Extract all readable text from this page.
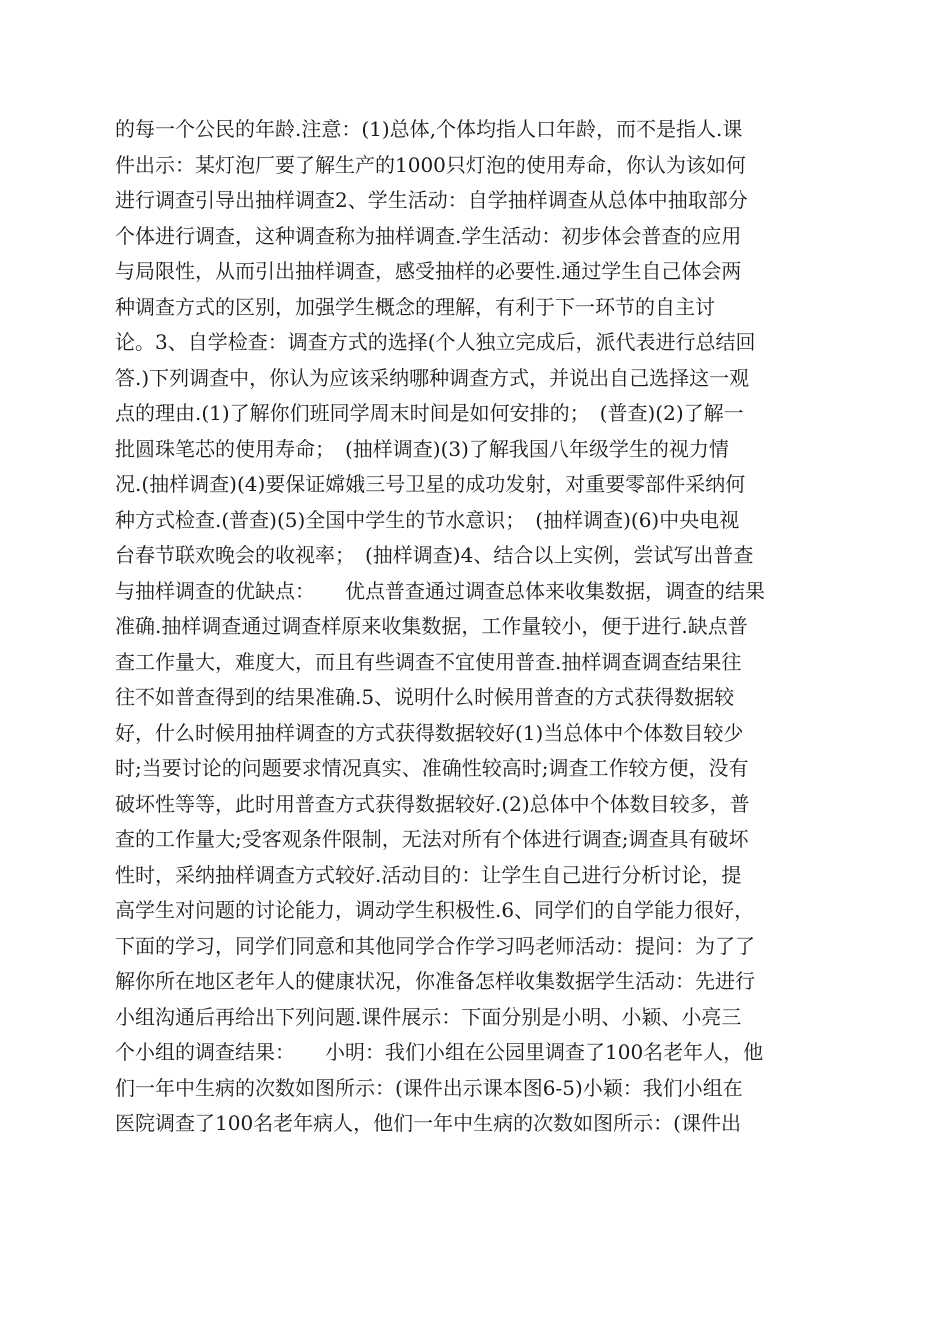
的每一个公民的年龄.注意：(1)总体,个体均指人口年龄，而不是指人.课
件出示：某灯泡厂要了解生产的1000只灯泡的使用寿命，你认为该如何
进行调查引导出抽样调查2、学生活动：自学抽样调查从总体中抽取部分
个体进行调查，这种调查称为抽样调查.学生活动：初步体会普查的应用
与局限性，从而引出抽样调查，感受抽样的必要性.通过学生自己体会两
种调查方式的区别，加强学生概念的理解，有利于下一环节的自主讨
论。3、自学检查：调查方式的选择(个人独立完成后，派代表进行总结回
答.)下列调查中，你认为应该采纳哪种调查方式，并说出自己选择这一观
点的理由.(1)了解你们班同学周末时间是如何安排的；　(普查)(2)了解一
批圆珠笔芯的使用寿命；　(抽样调查)(3)了解我国八年级学生的视力情
况.(抽样调查)(4)要保证嫦娥三号卫星的成功发射，对重要零部件采纳何
种方式检查.(普查)(5)全国中学生的节水意识；　(抽样调查)(6)中央电视
台春节联欢晚会的收视率；　(抽样调查)4、结合以上实例，尝试写出普查
与抽样调查的优缺点：　　优点普查通过调查总体来收集数据，调查的结果
准确.抽样调查通过调查样原来收集数据，工作量较小，便于进行.缺点普
查工作量大，难度大，而且有些调查不宜使用普查.抽样调查调查结果往
往不如普查得到的结果准确.5、说明什么时候用普查的方式获得数据较
好，什么时候用抽样调查的方式获得数据较好(1)当总体中个体数目较少
时;当要讨论的问题要求情况真实、准确性较高时;调查工作较方便，没有
破坏性等等，此时用普查方式获得数据较好.(2)总体中个体数目较多，普
查的工作量大;受客观条件限制，无法对所有个体进行调查;调查具有破坏
性时，采纳抽样调查方式较好.活动目的：让学生自己进行分析讨论，提
高学生对问题的讨论能力，调动学生积极性.6、同学们的自学能力很好，
下面的学习，同学们同意和其他同学合作学习吗老师活动：提问：为了了
解你所在地区老年人的健康状况，你准备怎样收集数据学生活动：先进行
小组沟通后再给出下列问题.课件展示：下面分别是小明、小颖、小亮三
个小组的调查结果：　　小明：我们小组在公园里调查了100名老年人，他
们一年中生病的次数如图所示：(课件出示课本图6-5)小颖：我们小组在
医院调查了100名老年病人，他们一年中生病的次数如图所示：(课件出
